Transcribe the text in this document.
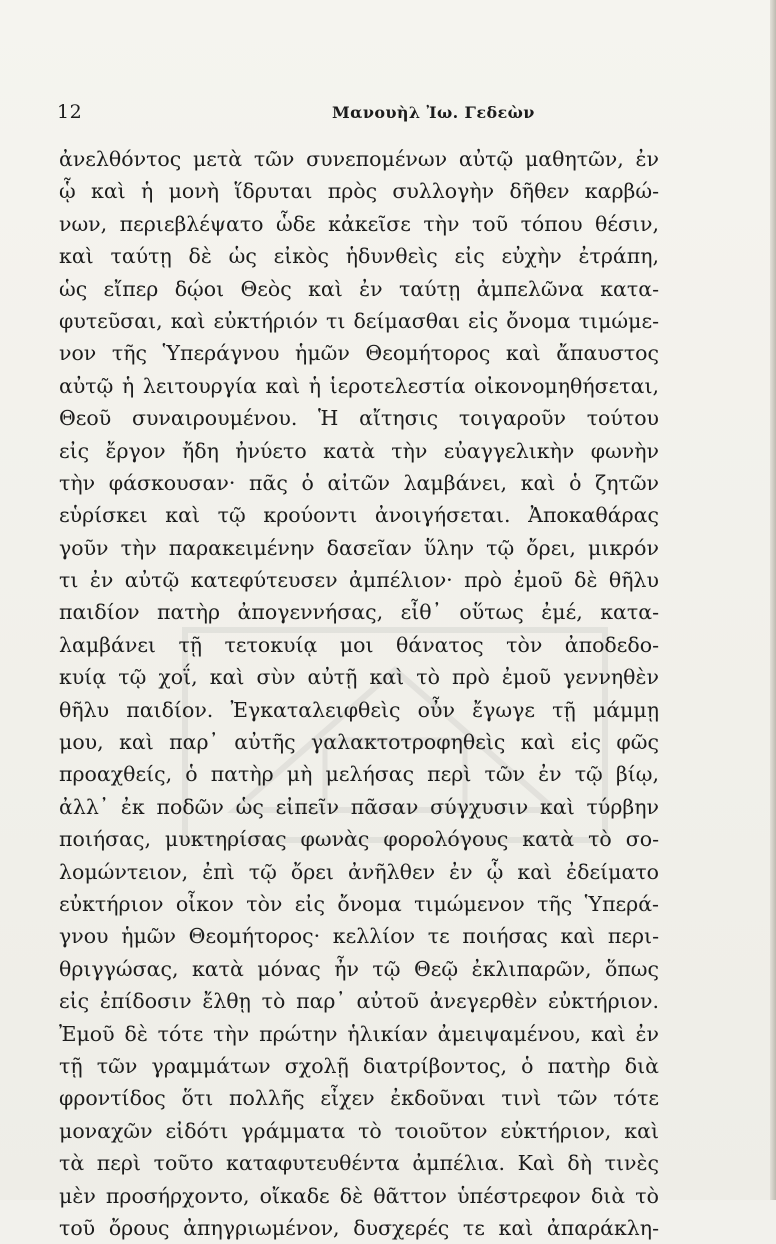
12	Μανουὴλ Ἰω. Γεδεὼν
ἀνελθόντος μετὰ τῶν συνεπομένων αὐτῷ μαθητῶν, ἐν
ᾧ καὶ ἡ μονὴ ἵδρυται πρὸς συλλογὴν δῆθεν καρβώ-
νων, περιεβλέψατο ὧδε κἀκεῖσε τὴν τοῦ τόπου θέσιν,
καὶ ταύτῃ δὲ ὡς εἰκὸς ἡδυνθεὶς εἰς εὐχὴν ἐτράπη,
ὡς εἴπερ δῴοι Θεὸς καὶ ἐν ταύτῃ ἀμπελῶνα κατα-
φυτεῦσαι, καὶ εὐκτήριόν τι δείμασθαι εἰς ὄνομα τιμώμε-
νον τῆς Ὑπεράγνου ἡμῶν Θεομήτορος καὶ ἄπαυστος
αὐτῷ ἡ λειτουργία καὶ ἡ ἱεροτελεστία οἰκονομηθήσεται,
Θεοῦ συναιρουμένου. Ἡ αἴτησις τοιγαροῦν τούτου
εἰς ἔργον ἤδη ἠνύετο κατὰ τὴν εὐαγγελικὴν φωνὴν
τὴν φάσκουσαν· πᾶς ὁ αἰτῶν λαμβάνει, καὶ ὁ ζητῶν
εὑρίσκει καὶ τῷ κρούοντι ἀνοιγήσεται. Ἀποκαθάρας
γοῦν τὴν παρακειμένην δασεῖαν ὕλην τῷ ὄρει, μικρόν
τι ἐν αὐτῷ κατεφύτευσεν ἀμπέλιον· πρὸ ἐμοῦ δὲ θῆλυ
παιδίον πατὴρ ἀπογεννήσας, εἶθ᾽ οὕτως ἐμέ, κατα-
λαμβάνει τῇ τετοκυίᾳ μοι θάνατος τὸν ἀποδεδο-
κυίᾳ τῷ χοΐ, καὶ σὺν αὐτῇ καὶ τὸ πρὸ ἐμοῦ γεννηθὲν
θῆλυ παιδίον. Ἐγκαταλειφθεὶς οὖν ἔγωγε τῇ μάμμῃ
μου, καὶ παρ᾽ αὐτῆς γαλακτοτροφηθεὶς καὶ εἰς φῶς
προαχθείς, ὁ πατὴρ μὴ μελήσας περὶ τῶν ἐν τῷ βίῳ,
ἀλλ᾽ ἐκ ποδῶν ὡς εἰπεῖν πᾶσαν σύγχυσιν καὶ τύρβην
ποιήσας, μυκτηρίσας φωνὰς φορολόγους κατὰ τὸ σο-
λομώντειον, ἐπὶ τῷ ὄρει ἀνῆλθεν ἐν ᾧ καὶ ἐδείματο
εὐκτήριον οἶκον τὸν εἰς ὄνομα τιμώμενον τῆς Ὑπερά-
γνου ἡμῶν Θεομήτορος· κελλίον τε ποιήσας καὶ περι-
θριγγώσας, κατὰ μόνας ἦν τῷ Θεῷ ἐκλιπαρῶν, ὅπως
εἰς ἐπίδοσιν ἔλθῃ τὸ παρ᾽ αὐτοῦ ἀνεγερθὲν εὐκτήριον.
Ἐμοῦ δὲ τότε τὴν πρώτην ἡλικίαν ἀμειψαμένου, καὶ ἐν
τῇ τῶν γραμμάτων σχολῇ διατρίβοντος, ὁ πατὴρ διὰ
φροντίδος ὅτι πολλῆς εἶχεν ἐκδοῦναι τινὶ τῶν τότε
μοναχῶν εἰδότι γράμματα τὸ τοιοῦτον εὐκτήριον, καὶ
τὰ περὶ τοῦτο καταφυτευθέντα ἀμπέλια. Καὶ δὴ τινὲς
μὲν προσήρχοντο, οἴκαδε δὲ θᾶττον ὑπέστρεφον διὰ τὸ
τοῦ ὄρους ἀπηγριωμένον, δυσχερές τε καὶ ἀπαράκλη-
